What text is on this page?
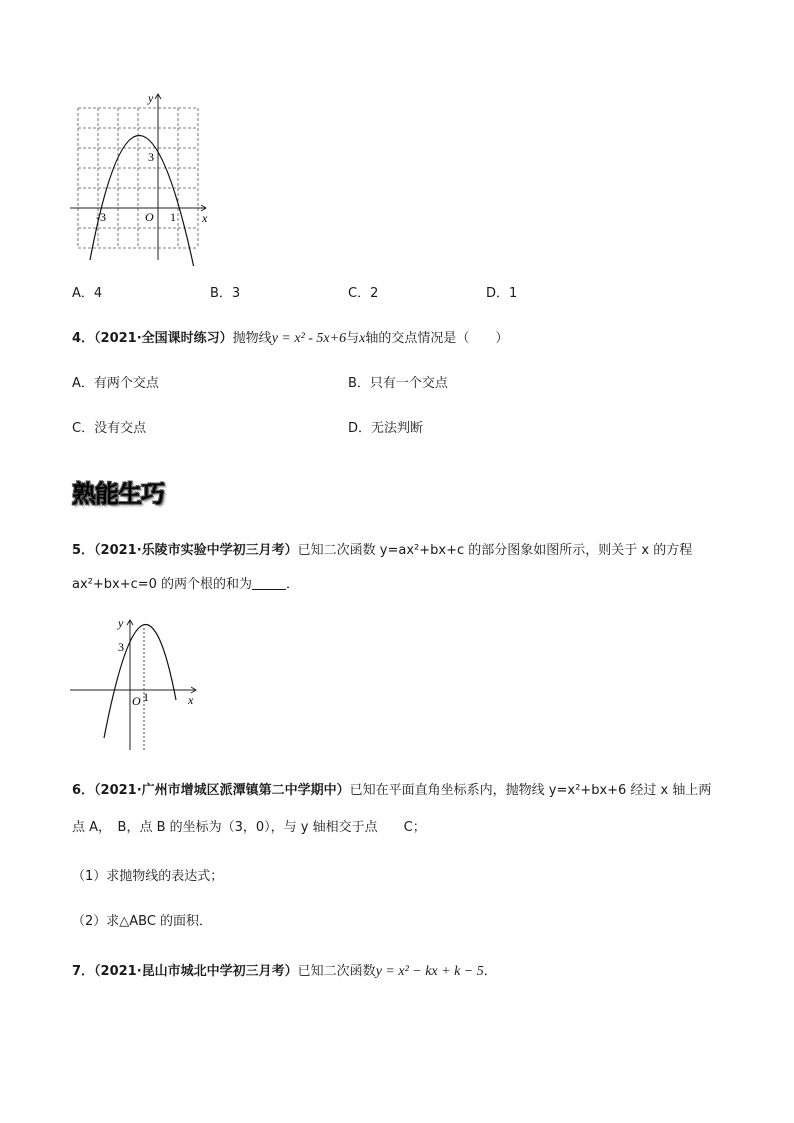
y
x
O
-3	1
3
A．4	B．3	C．2	D．1
4．（2021·全国课时练习）抛物线y = x² - 5x+6与x轴的交点情况是（　　）
A．有两个交点	B．只有一个交点
C．没有交点	D．无法判断
熟能生巧
5．（2021·乐陵市实验中学初三月考）已知二次函数 y=ax²+bx+c 的部分图象如图所示，则关于 x 的方程
ax²+bx+c=0 的两个根的和为	．
y
x
O 1
3
6．（2021·广州市增城区派潭镇第二中学期中）已知在平面直角坐标系内，抛物线 y=x²+bx+6 经过 x 轴上两
点 A，　B，点 B 的坐标为（3，0），与 y 轴相交于点　　C；
（1）求抛物线的表达式；
（2）求△ABC 的面积．
7．（2021·昆山市城北中学初三月考）已知二次函数y = x² − kx + k − 5．
